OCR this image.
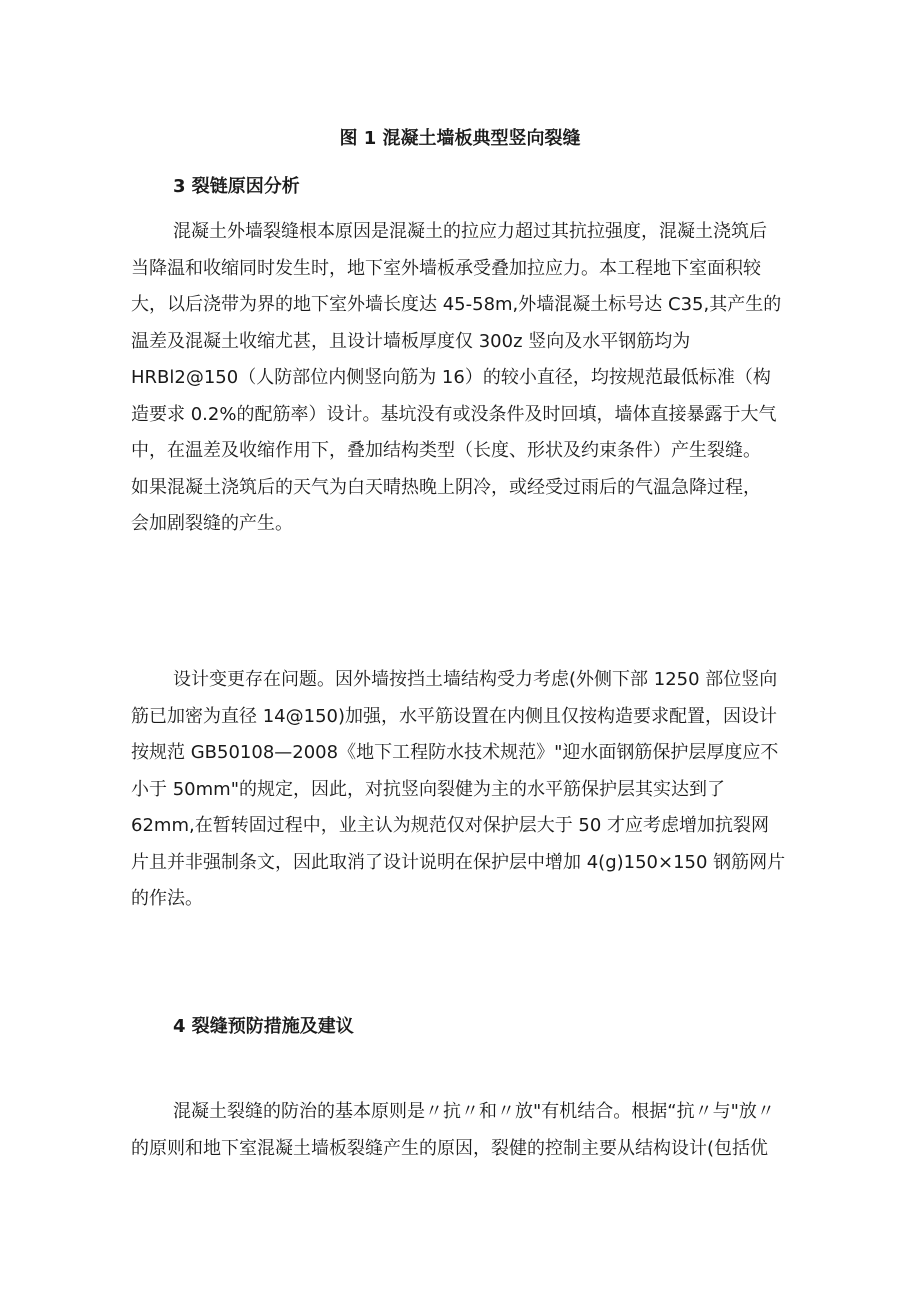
图 1 混凝土墙板典型竖向裂缝
3 裂链原因分析
混凝土外墙裂缝根本原因是混凝土的拉应力超过其抗拉强度，混凝土浇筑后
当降温和收缩同时发生时，地下室外墙板承受叠加拉应力。本工程地下室面积较
大，以后浇带为界的地下室外墙长度达 45-58m,外墙混凝土标号达 C35,其产生的
温差及混凝土收缩尤甚，且设计墙板厚度仅 300z 竖向及水平钢筋均为
HRBl2@150（人防部位内侧竖向筋为 16）的较小直径，均按规范最低标准（构
造要求 0.2%的配筋率）设计。基坑没有或没条件及时回填，墙体直接暴露于大气
中，在温差及收缩作用下，叠加结构类型（长度、形状及约束条件）产生裂缝。
如果混凝土浇筑后的天气为白天晴热晚上阴冷，或经受过雨后的气温急降过程，
会加剧裂缝的产生。
设计变更存在问题。因外墙按挡土墙结构受力考虑(外侧下部 1250 部位竖向
筋已加密为直径 14@150)加强，水平筋设置在内侧且仅按构造要求配置，因设计
按规范 GB50108—2008《地下工程防水技术规范》"迎水面钢筋保护层厚度应不
小于 50mm"的规定，因此，对抗竖向裂健为主的水平筋保护层其实达到了
62mm,在暂转固过程中，业主认为规范仅对保护层大于 50 才应考虑增加抗裂网
片且并非强制条文，因此取消了设计说明在保护层中增加 4(g)150×150 钢筋网片
的作法。
4 裂缝预防措施及建议
混凝土裂缝的防治的基本原则是〃抗〃和〃放"有机结合。根据“抗〃与"放〃
的原则和地下室混凝土墙板裂缝产生的原因，裂健的控制主要从结构设计(包括优
